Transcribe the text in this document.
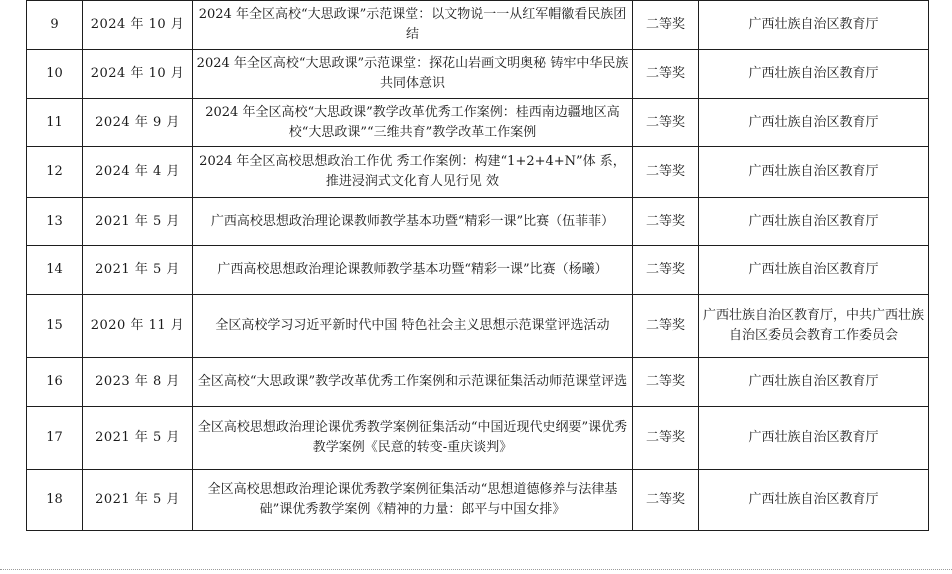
9	2024 年 10 月	2024 年全区高校“大思政课”示范课堂：以文物说一一从红军帽徽看民族团结	二等奖	广西壮族自治区教育厅
10	2024 年 10 月	2024 年全区高校“大思政课”示范课堂：探花山岩画文明奥秘 铸牢中华民族共同体意识	二等奖	广西壮族自治区教育厅
11	2024 年 9 月	2024 年全区高校“大思政课”教学改革优秀工作案例：桂西南边疆地区高校“大思政课”“三维共育”教学改革工作案例	二等奖	广西壮族自治区教育厅
12	2024 年 4 月	2024 年全区高校思想政治工作优 秀工作案例：构建“1+2+4+N”体 系，推进浸润式文化育人见行见 效	二等奖	广西壮族自治区教育厅
13	2021 年 5 月	广西高校思想政治理论课教师教学基本功暨“精彩一课”比赛（伍菲菲）	二等奖	广西壮族自治区教育厅
14	2021 年 5 月	广西高校思想政治理论课教师教学基本功暨“精彩一课”比赛（杨曦）	二等奖	广西壮族自治区教育厅
15	2020 年 11 月	全区高校学习习近平新时代中国 特色社会主义思想示范课堂评选活动	二等奖	广西壮族自治区教育厅，中共广西壮族自治区委员会教育工作委员会
16	2023 年 8 月	全区高校“大思政课”教学改革优秀工作案例和示范课征集活动师范课堂评选	二等奖	广西壮族自治区教育厅
17	2021 年 5 月	全区高校思想政治理论课优秀教学案例征集活动“中国近现代史纲要”课优秀教学案例《民意的转变-重庆谈判》	二等奖	广西壮族自治区教育厅
18	2021 年 5 月	全区高校思想政治理论课优秀教学案例征集活动“思想道德修养与法律基础”课优秀教学案例《精神的力量：郎平与中国女排》	二等奖	广西壮族自治区教育厅
